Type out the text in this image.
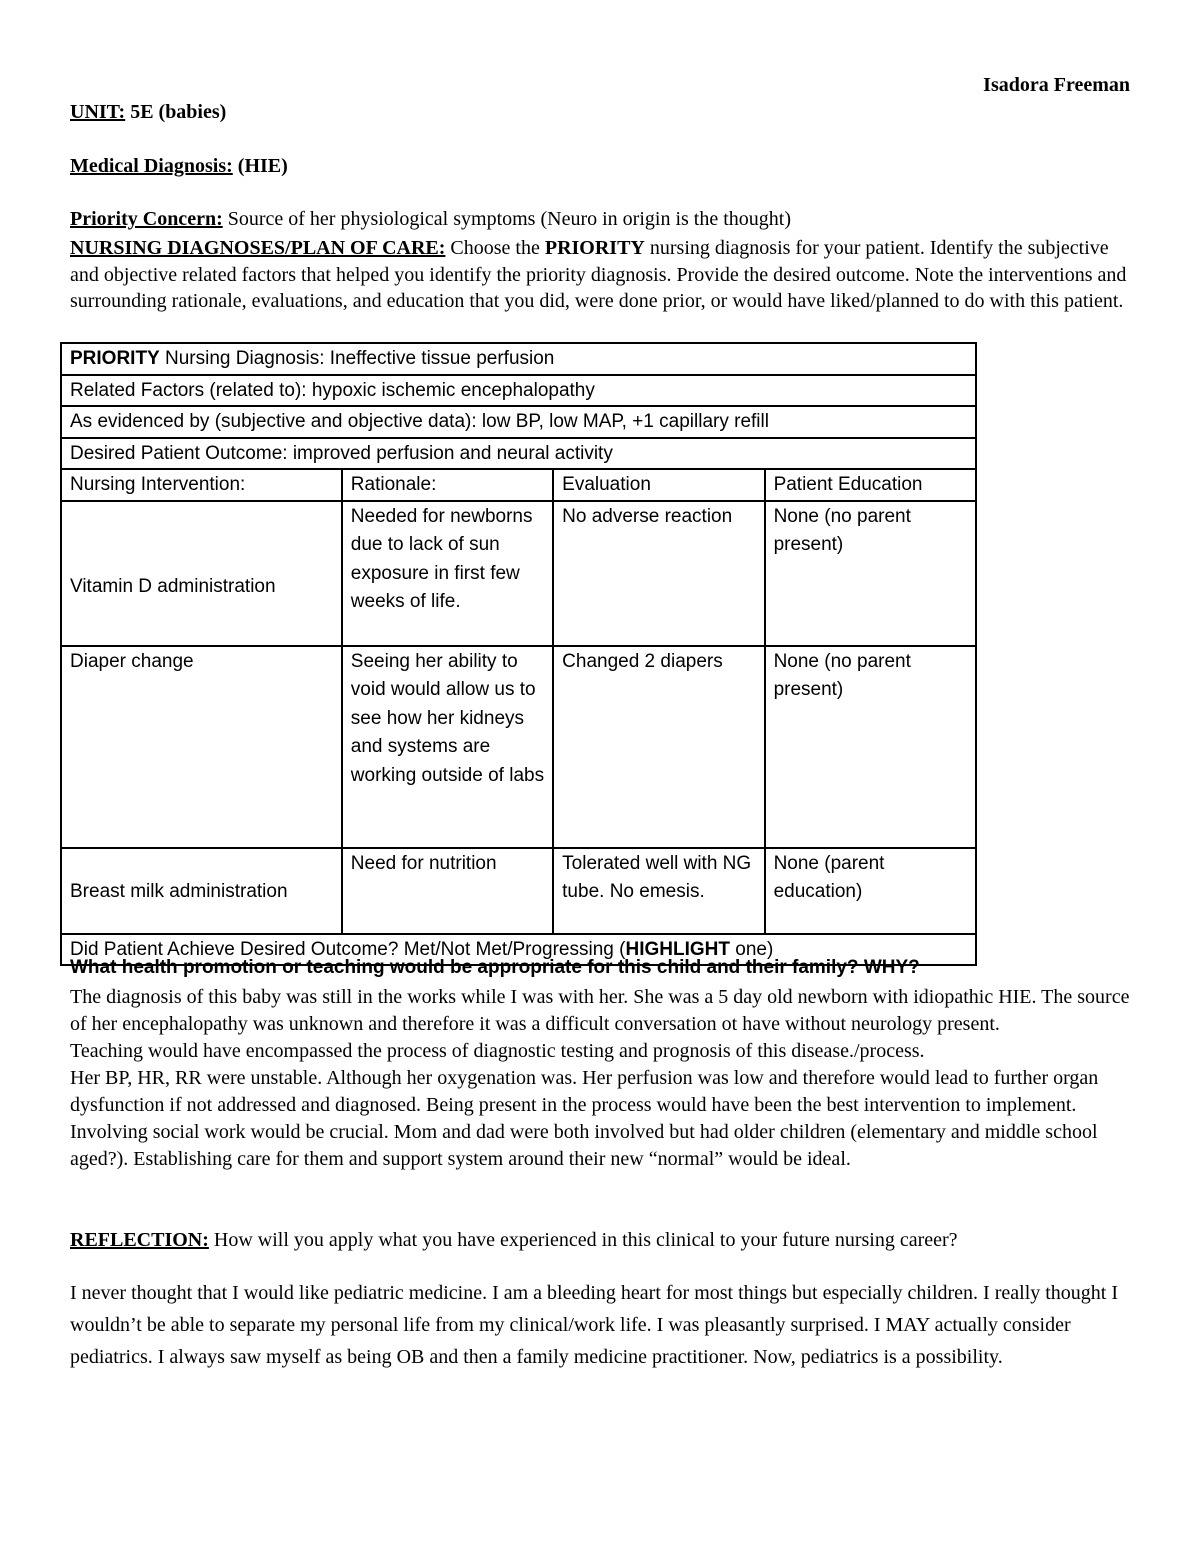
Isadora Freeman
UNIT: 5E (babies)
Medical Diagnosis: (HIE)
Priority Concern: Source of her physiological symptoms (Neuro in origin is the thought)
NURSING DIAGNOSES/PLAN OF CARE: Choose the PRIORITY nursing diagnosis for your patient. Identify the subjective and objective related factors that helped you identify the priority diagnosis. Provide the desired outcome. Note the interventions and surrounding rationale, evaluations, and education that you did, were done prior, or would have liked/planned to do with this patient.
PRIORITY Nursing Diagnosis: Ineffective tissue perfusion			
Related Factors (related to): hypoxic ischemic encephalopathy			
As evidenced by (subjective and objective data): low BP, low MAP, +1 capillary refill			
Desired Patient Outcome: improved perfusion and neural activity			
Nursing Intervention:	Rationale:	Evaluation	Patient Education
Vitamin D administration	Needed for newborns due to lack of sun exposure in first few weeks of life.	No adverse reaction	None (no parent present)
Diaper change	Seeing her ability to void would allow us to see how her kidneys and systems are working outside of labs	Changed 2 diapers	None (no parent present)
Breast milk administration	Need for nutrition	Tolerated well with NG tube. No emesis.	None (parent education)
Did Patient Achieve Desired Outcome? Met/Not Met/Progressing (HIGHLIGHT one)			
What health promotion or teaching would be appropriate for this child and their family? WHY?
The diagnosis of this baby was still in the works while I was with her. She was a 5 day old newborn with idiopathic HIE. The source of her encephalopathy was unknown and therefore it was a difficult conversation ot have without neurology present.
Teaching would have encompassed the process of diagnostic testing and prognosis of this disease./process.
Her BP, HR, RR were unstable. Although her oxygenation was. Her perfusion was low and therefore would lead to further organ dysfunction if not addressed and diagnosed. Being present in the process would have been the best intervention to implement. Involving social work would be crucial. Mom and dad were both involved but had older children (elementary and middle school aged?). Establishing care for them and support system around their new “normal” would be ideal.
REFLECTION: How will you apply what you have experienced in this clinical to your future nursing career?
I never thought that I would like pediatric medicine. I am a bleeding heart for most things but especially children. I really thought I wouldn’t be able to separate my personal life from my clinical/work life. I was pleasantly surprised. I MAY actually consider pediatrics. I always saw myself as being OB and then a family medicine practitioner. Now, pediatrics is a possibility.
